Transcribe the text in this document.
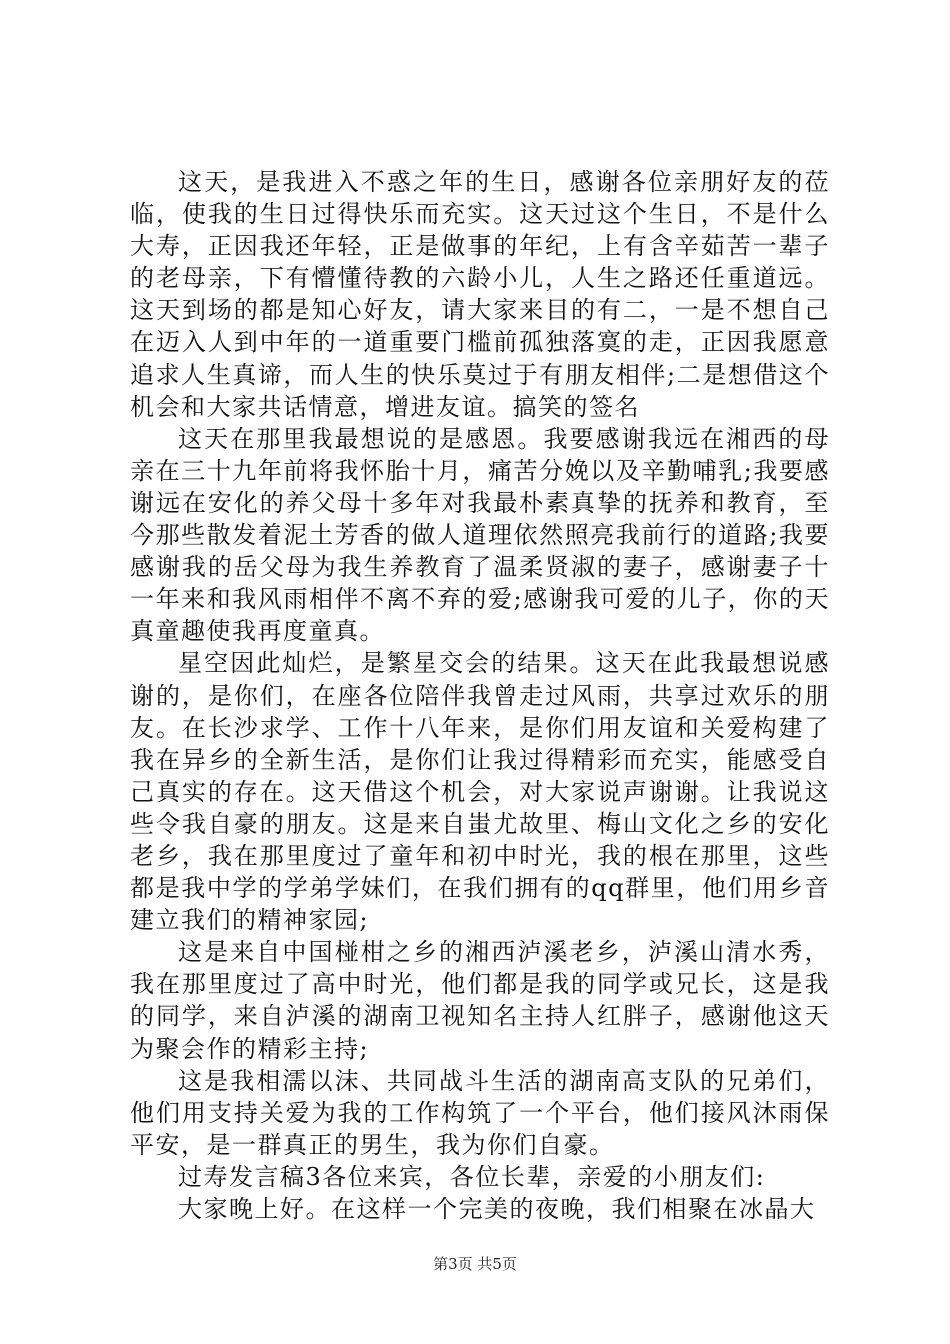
这天，是我进入不惑之年的生日，感谢各位亲朋好友的莅临，使我的生日过得快乐而充实。这天过这个生日，不是什么大寿，正因我还年轻，正是做事的年纪，上有含辛茹苦一辈子的老母亲，下有懵懂待教的六龄小儿，人生之路还任重道远。这天到场的都是知心好友，请大家来目的有二，一是不想自己在迈入人到中年的一道重要门槛前孤独落寞的走，正因我愿意追求人生真谛，而人生的快乐莫过于有朋友相伴;二是想借这个机会和大家共话情意，增进友谊。搞笑的签名

这天在那里我最想说的是感恩。我要感谢我远在湘西的母亲在三十九年前将我怀胎十月，痛苦分娩以及辛勤哺乳;我要感谢远在安化的养父母十多年对我最朴素真挚的抚养和教育，至今那些散发着泥土芳香的做人道理依然照亮我前行的道路;我要感谢我的岳父母为我生养教育了温柔贤淑的妻子，感谢妻子十一年来和我风雨相伴不离不弃的爱;感谢我可爱的儿子，你的天真童趣使我再度童真。

星空因此灿烂，是繁星交会的结果。这天在此我最想说感谢的，是你们，在座各位陪伴我曾走过风雨，共享过欢乐的朋友。在长沙求学、工作十八年来，是你们用友谊和关爱构建了我在异乡的全新生活，是你们让我过得精彩而充实，能感受自己真实的存在。这天借这个机会，对大家说声谢谢。让我说这些令我自豪的朋友。这是来自蚩尤故里、梅山文化之乡的安化老乡，我在那里度过了童年和初中时光，我的根在那里，这些都是我中学的学弟学妹们，在我们拥有的qq群里，他们用乡音建立我们的精神家园;

这是来自中国椪柑之乡的湘西泸溪老乡，泸溪山清水秀，我在那里度过了高中时光，他们都是我的同学或兄长，这是我的同学，来自泸溪的湖南卫视知名主持人红胖子，感谢他这天为聚会作的精彩主持;

这是我相濡以沫、共同战斗生活的湖南高支队的兄弟们，他们用支持关爱为我的工作构筑了一个平台，他们接风沐雨保平安，是一群真正的男生，我为你们自豪。

过寿发言稿3各位来宾，各位长辈，亲爱的小朋友们:

大家晚上好。在这样一个完美的夜晚，我们相聚在冰晶大

第3页 共5页
